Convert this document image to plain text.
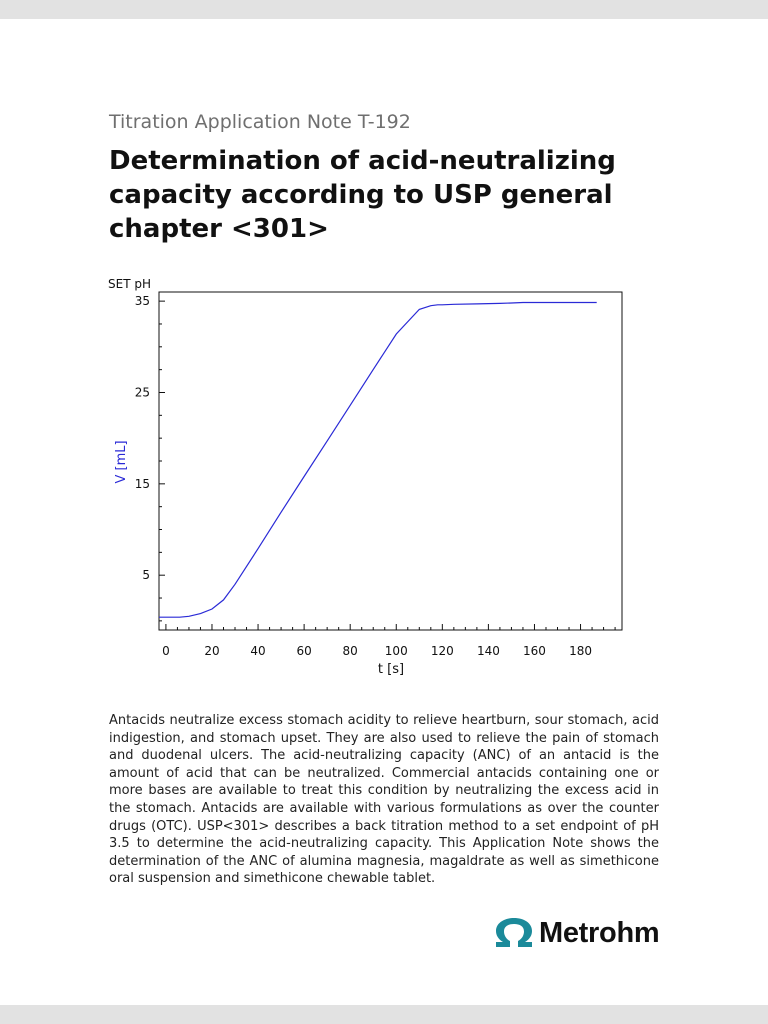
Titration Application Note T-192
Determination of acid-neutralizing capacity according to USP general chapter <301>
SET pH
0	20	40	60	80 100 120 140 160 180
5
15
25
35
t [s]
V [mL]
Antacids neutralize excess stomach acidity to relieve heartburn, sour stomach, acid indigestion, and stomach upset. They are also used to relieve the pain of stomach and duodenal ulcers. The acid-neutralizing capacity (ANC) of an antacid is the amount of acid that can be neutralized. Commercial antacids containing one or more bases are available to treat this condition by neutralizing the excess acid in the stomach. Antacids are available with various formulations as over the counter drugs (OTC). USP<301> describes a back titration method to a set endpoint of pH 3.5 to determine the acid-neutralizing capacity. This Application Note shows the determination of the ANC of alumina magnesia, magaldrate as well as simethicone oral suspension and simethicone chewable tablet.
Metrohm
